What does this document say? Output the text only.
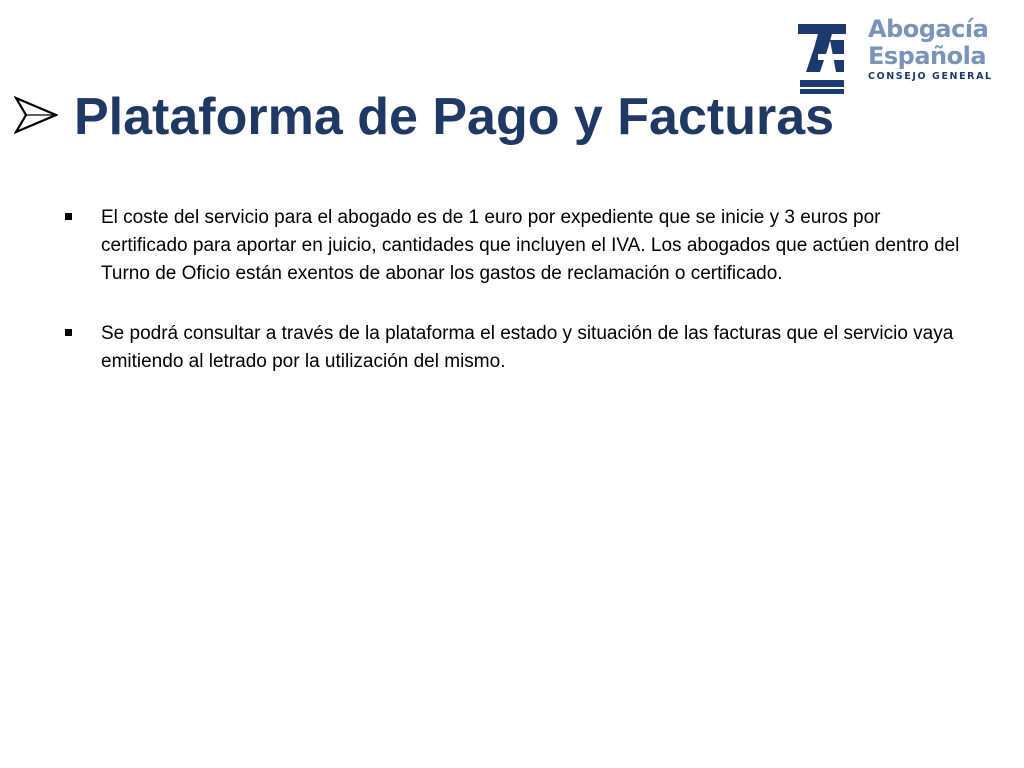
Abogacía
Española
CONSEJO GENERAL
Plataforma de Pago y Facturas
El coste del servicio para el abogado es de 1 euro por expediente que se inicie y 3 euros por certificado para aportar en juicio, cantidades que incluyen el IVA. Los abogados que actúen dentro del Turno de Oficio están exentos de abonar los gastos de reclamación o certificado.
Se podrá consultar a través de la plataforma el estado y situación de las facturas que el servicio vaya emitiendo al letrado por la utilización del mismo.
